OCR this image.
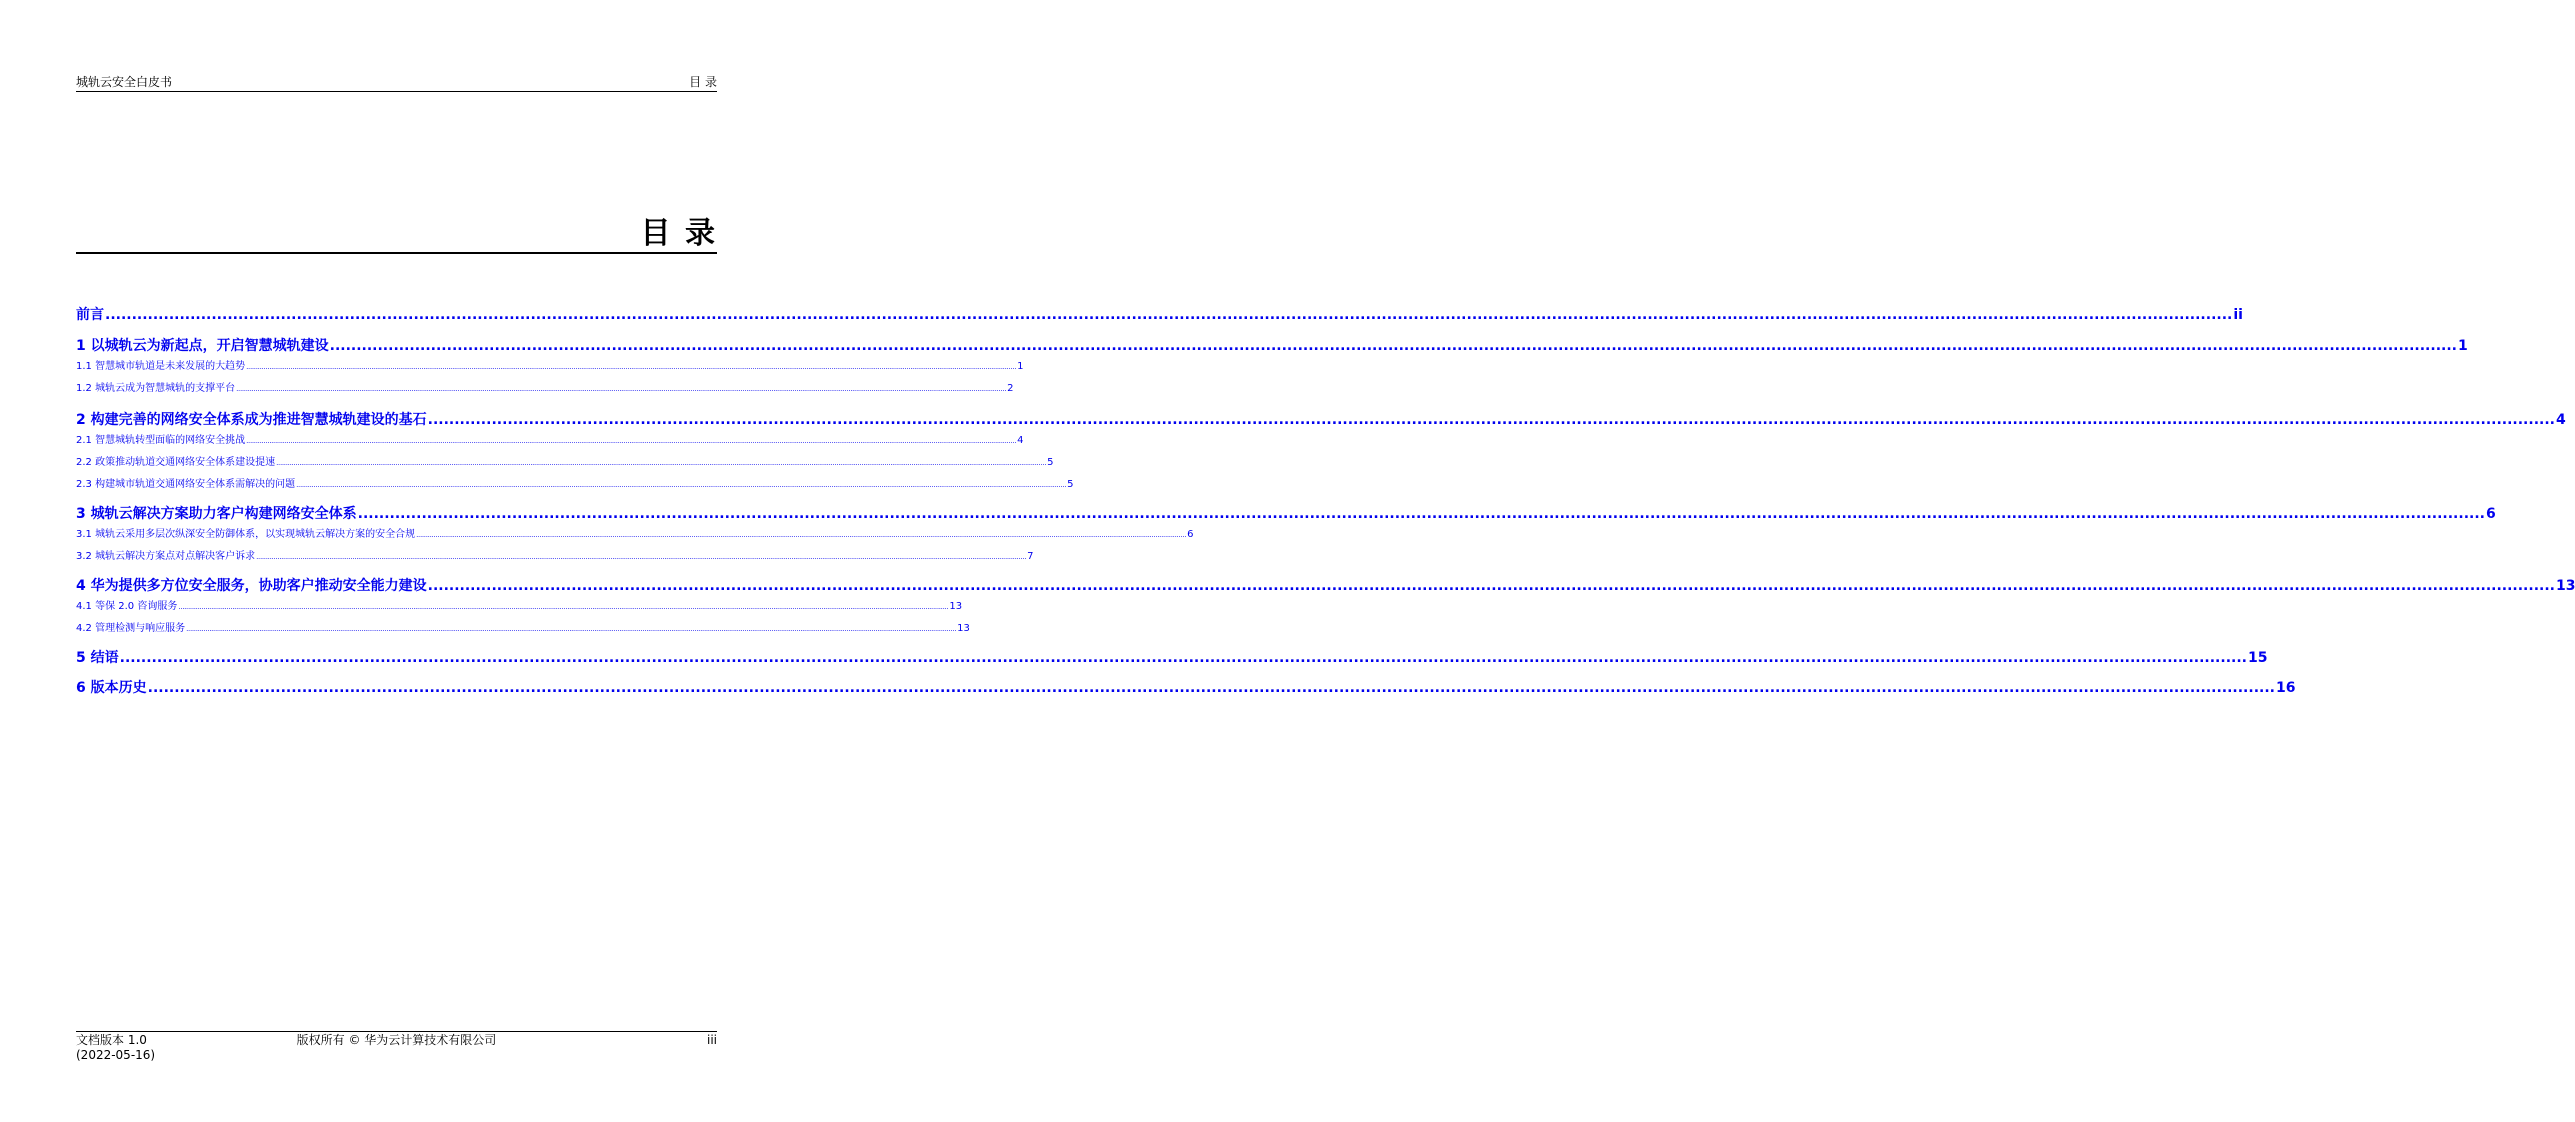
城轨云安全白皮书	目 录
目 录
前言 ................................................................................................................................................................................................................................................................................................................................................................................................................ ii
1 以城轨云为新起点，开启智慧城轨建设 ................................................................................................................................................................................................................................................................................................................................................................................................................ 1
1.1 智慧城市轨道是未来发展的大趋势 ................................................................................................................................................................................................................................................................................................................................................................................................................ 1
1.2 城轨云成为智慧城轨的支撑平台 ................................................................................................................................................................................................................................................................................................................................................................................................................ 2
2 构建完善的网络安全体系成为推进智慧城轨建设的基石 ................................................................................................................................................................................................................................................................................................................................................................................................................ 4
2.1 智慧城轨转型面临的网络安全挑战 ................................................................................................................................................................................................................................................................................................................................................................................................................ 4
2.2 政策推动轨道交通网络安全体系建设提速 ................................................................................................................................................................................................................................................................................................................................................................................................................ 5
2.3 构建城市轨道交通网络安全体系需解决的问题 ................................................................................................................................................................................................................................................................................................................................................................................................................ 5
3 城轨云解决方案助力客户构建网络安全体系 ................................................................................................................................................................................................................................................................................................................................................................................................................ 6
3.1 城轨云采用多层次纵深安全防御体系，以实现城轨云解决方案的安全合规 ................................................................................................................................................................................................................................................................................................................................................................................................................ 6
3.2 城轨云解决方案点对点解决客户诉求 ................................................................................................................................................................................................................................................................................................................................................................................................................ 7
4 华为提供多方位安全服务，协助客户推动安全能力建设 ................................................................................................................................................................................................................................................................................................................................................................................................................ 13
4.1 等保 2.0 咨询服务 ................................................................................................................................................................................................................................................................................................................................................................................................................ 13
4.2 管理检测与响应服务 ................................................................................................................................................................................................................................................................................................................................................................................................................ 13
5 结语 ................................................................................................................................................................................................................................................................................................................................................................................................................ 15
6 版本历史 ................................................................................................................................................................................................................................................................................................................................................................................................................ 16
文档版本 1.0
(2022-05-16)
版权所有 © 华为云计算技术有限公司	iii
